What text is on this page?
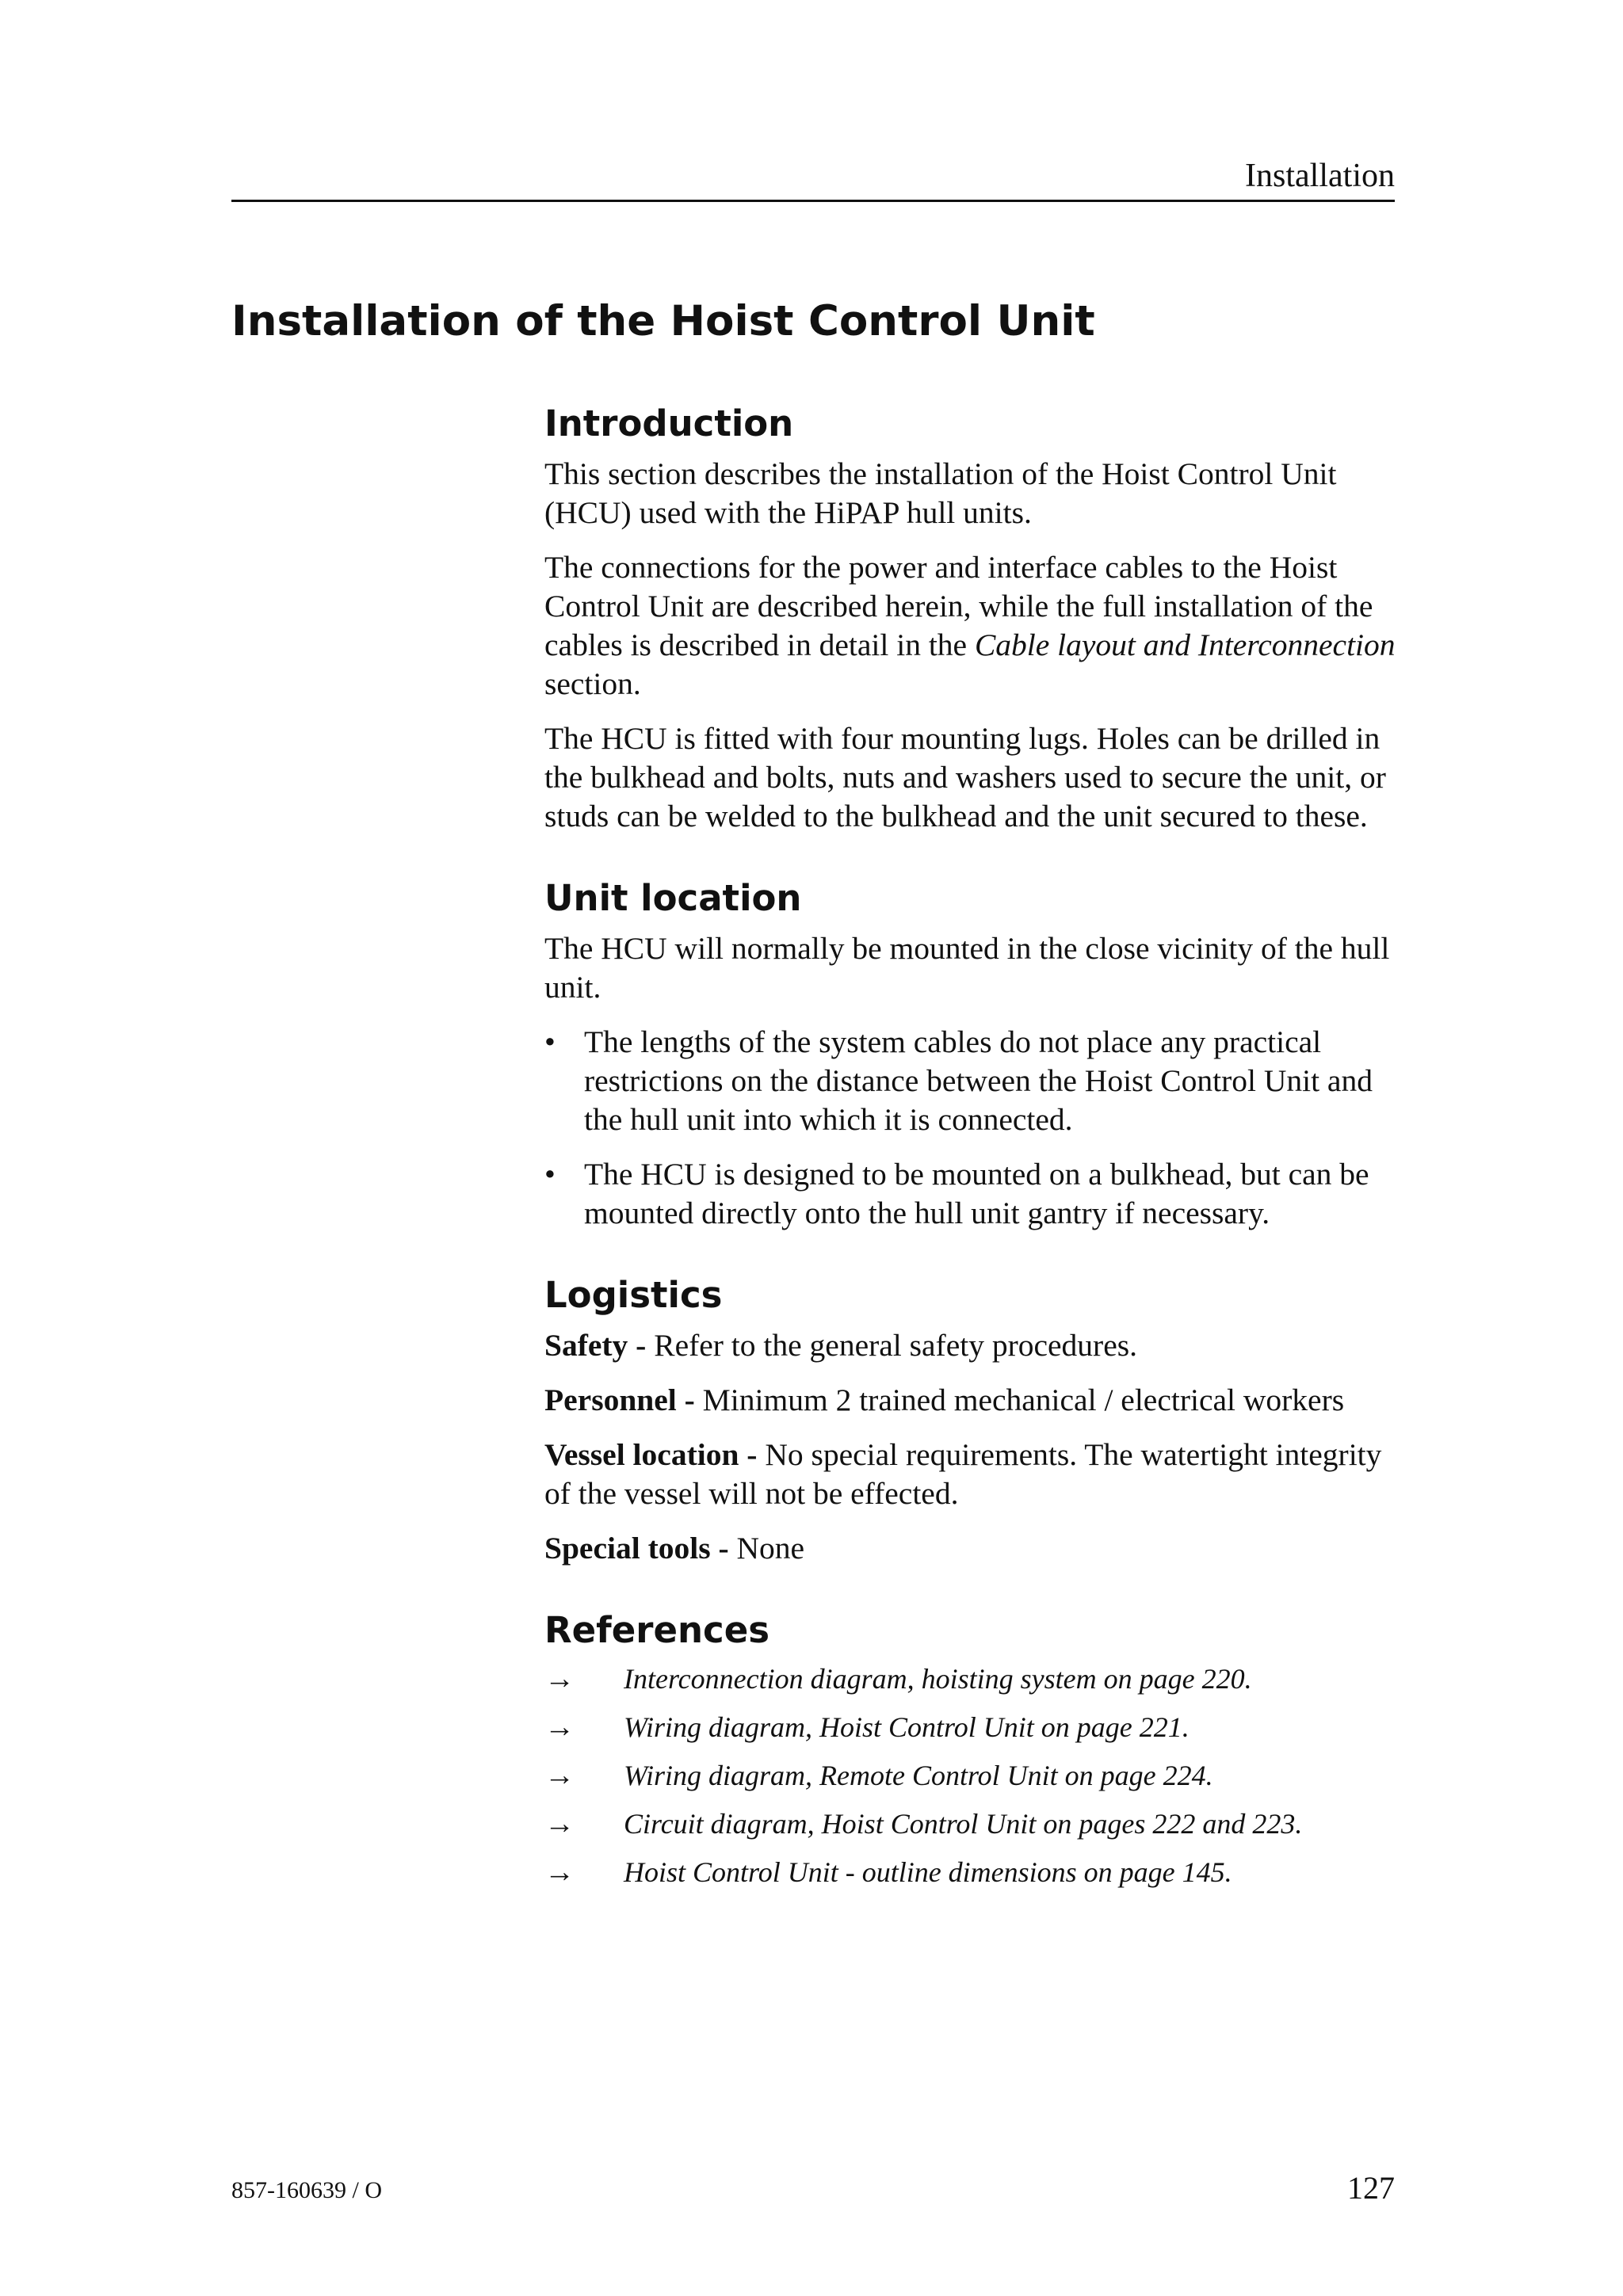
Installation
Installation of the Hoist Control Unit
Introduction

This section describes the installation of the Hoist Control Unit (HCU) used with the HiPAP hull units.

The connections for the power and interface cables to the Hoist Control Unit are described herein, while the full installation of the cables is described in detail in the Cable layout and Interconnection section.

The HCU is fitted with four mounting lugs. Holes can be drilled in the bulkhead and bolts, nuts and washers used to secure the unit, or studs can be welded to the bulkhead and the unit secured to these.

Unit location

The HCU will normally be mounted in the close vicinity of the hull unit.

• The lengths of the system cables do not place any practical restrictions on the distance between the Hoist Control Unit and the hull unit into which it is connected.
• The HCU is designed to be mounted on a bulkhead, but can be mounted directly onto the hull unit gantry if necessary.
Logistics

Safety - Refer to the general safety procedures.

Personnel - Minimum 2 trained mechanical / electrical workers

Vessel location - No special requirements. The watertight integrity of the vessel will not be effected.

Special tools - None

References
→	Interconnection diagram, hoisting system on page 220.
→	Wiring diagram, Hoist Control Unit on page 221.
→	Wiring diagram, Remote Control Unit on page 224.
→	Circuit diagram, Hoist Control Unit on pages 222 and 223.
→	Hoist Control Unit - outline dimensions on page 145.
857-160639 / O	127
